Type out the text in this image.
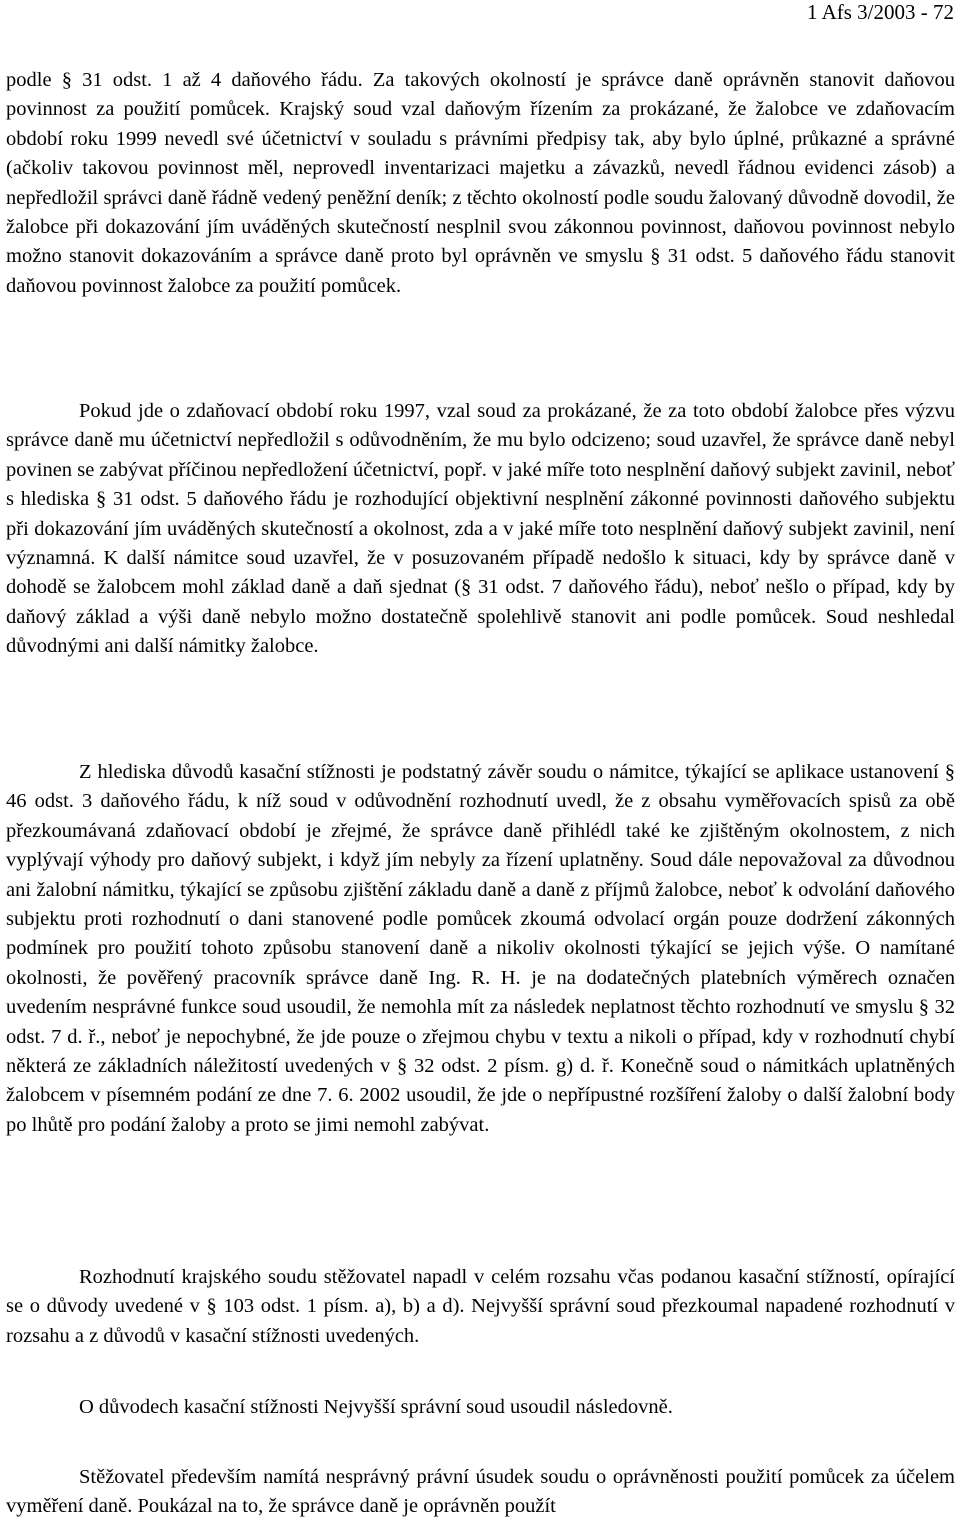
1 Afs 3/2003 - 72

podle § 31 odst. 1 až 4 daňového řádu. Za takových okolností je správce daně oprávněn stanovit daňovou povinnost za použití pomůcek. Krajský soud vzal daňovým řízením za prokázané, že žalobce ve zdaňovacím období roku 1999 nevedl své účetnictví v souladu s právními předpisy tak, aby bylo úplné, průkazné a správné (ačkoliv takovou povinnost měl, neprovedl inventarizaci majetku a závazků, nevedl řádnou evidenci zásob) a nepředložil správci daně řádně vedený peněžní deník; z těchto okolností podle soudu žalovaný důvodně dovodil, že žalobce při dokazování jím uváděných skutečností nesplnil svou zákonnou povinnost, daňovou povinnost nebylo možno stanovit dokazováním a správce daně proto byl oprávněn ve smyslu § 31 odst. 5 daňového řádu stanovit daňovou povinnost žalobce za použití pomůcek.

Pokud jde o zdaňovací období roku 1997, vzal soud za prokázané, že za toto období žalobce přes výzvu správce daně mu účetnictví nepředložil s odůvodněním, že mu bylo odcizeno; soud uzavřel, že správce daně nebyl povinen se zabývat příčinou nepředložení účetnictví, popř. v jaké míře toto nesplnění daňový subjekt zavinil, neboť s hlediska § 31 odst. 5 daňového řádu je rozhodující objektivní nesplnění zákonné povinnosti daňového subjektu při dokazování jím uváděných skutečností a okolnost, zda a v jaké míře toto nesplnění daňový subjekt zavinil, není významná. K další námitce soud uzavřel, že v posuzovaném případě nedošlo k situaci, kdy by správce daně v dohodě se žalobcem mohl základ daně a daň sjednat (§ 31 odst. 7 daňového řádu), neboť nešlo o případ, kdy by daňový základ a výši daně nebylo možno dostatečně spolehlivě stanovit ani podle pomůcek. Soud neshledal důvodnými ani další námitky žalobce.

Z hlediska důvodů kasační stížnosti je podstatný závěr soudu o námitce, týkající se aplikace ustanovení § 46 odst. 3 daňového řádu, k níž soud v odůvodnění rozhodnutí uvedl, že z obsahu vyměřovacích spisů za obě přezkoumávaná zdaňovací období je zřejmé, že správce daně přihlédl také ke zjištěným okolnostem, z nich vyplývají výhody pro daňový subjekt, i když jím nebyly za řízení uplatněny. Soud dále nepovažoval za důvodnou ani žalobní námitku, týkající se způsobu zjištění základu daně a daně z příjmů žalobce, neboť k odvolání daňového subjektu proti rozhodnutí o dani stanovené podle pomůcek zkoumá odvolací orgán pouze dodržení zákonných podmínek pro použití tohoto způsobu stanovení daně a nikoliv okolnosti týkající se jejich výše. O namítané okolnosti, že pověřený pracovník správce daně Ing. R. H. je na dodatečných platebních výměrech označen uvedením nesprávné funkce soud usoudil, že nemohla mít za následek neplatnost těchto rozhodnutí ve smyslu § 32 odst. 7 d. ř., neboť je nepochybné, že jde pouze o zřejmou chybu v textu a nikoli o případ, kdy v rozhodnutí chybí některá ze základních náležitostí uvedených v § 32 odst. 2 písm. g) d. ř. Konečně soud o námitkách uplatněných žalobcem v písemném podání ze dne 7. 6. 2002 usoudil, že jde o nepřípustné rozšíření žaloby o další žalobní body po lhůtě pro podání žaloby a proto se jimi nemohl zabývat.

Rozhodnutí krajského soudu stěžovatel napadl v celém rozsahu včas podanou kasační stížností, opírající se o důvody uvedené v § 103 odst. 1 písm. a), b) a d). Nejvyšší správní soud přezkoumal napadené rozhodnutí v rozsahu a z důvodů v kasační stížnosti uvedených.

O důvodech kasační stížnosti Nejvyšší správní soud usoudil následovně.

Stěžovatel především namítá nesprávný právní úsudek soudu o oprávněnosti použití pomůcek za účelem vyměření daně. Poukázal na to, že správce daně je oprávněn použít
